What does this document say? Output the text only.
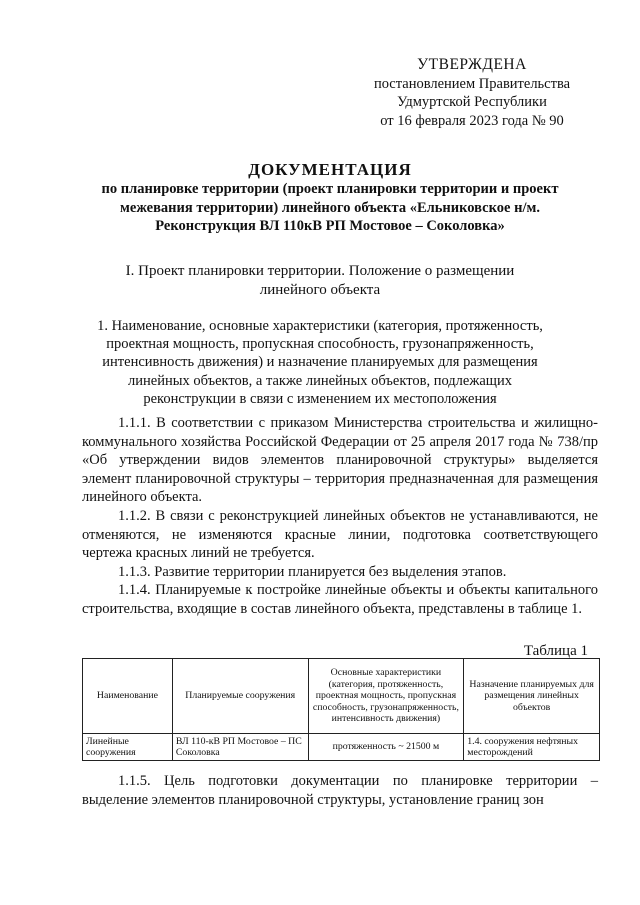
УТВЕРЖДЕНА
постановлением Правительства
Удмуртской Республики
от 16 февраля 2023 года № 90
ДОКУМЕНТАЦИЯ
по планировке территории (проект планировки территории и проект
межевания территории) линейного объекта «Ельниковское н/м.
Реконструкция ВЛ 110кВ РП Мостовое – Соколовка»
I. Проект планировки территории. Положение о размещении
линейного объекта
1. Наименование, основные характеристики (категория, протяженность,
проектная мощность, пропускная способность, грузонапряженность,
интенсивность движения) и назначение планируемых для размещения
линейных объектов, а также линейных объектов, подлежащих
реконструкции в связи с изменением их местоположения

1.1.1. В соответствии с приказом Министерства строительства и жилищно-коммунального хозяйства Российской Федерации от 25 апреля 2017 года № 738/пр «Об утверждении видов элементов планировочной структуры» выделяется элемент планировочной структуры – территория предназначенная для размещения линейного объекта.

1.1.2. В связи с реконструкцией линейных объектов не устанавливаются, не отменяются, не изменяются красные линии, подготовка соответствующего чертежа красных линий не требуется.

1.1.3. Развитие территории планируется без выделения этапов.

1.1.4. Планируемые к постройке линейные объекты и объекты капитального строительства, входящие в состав линейного объекта, представлены в таблице 1.

Таблица 1
Наименование	Планируемые сооружения	Основные характеристики (категория, протяженность, проектная мощность, пропускная способность, грузонапряженность, интенсивность движения)	Назначение планируемых для размещения линейных объектов
Линейные сооружения	ВЛ 110-кВ РП Мостовое – ПС Соколовка	протяженность ~ 21500 м	1.4. сооружения нефтяных месторождений

1.1.5. Цель подготовки документации по планировке территории – выделение элементов планировочной структуры, установление границ зон
